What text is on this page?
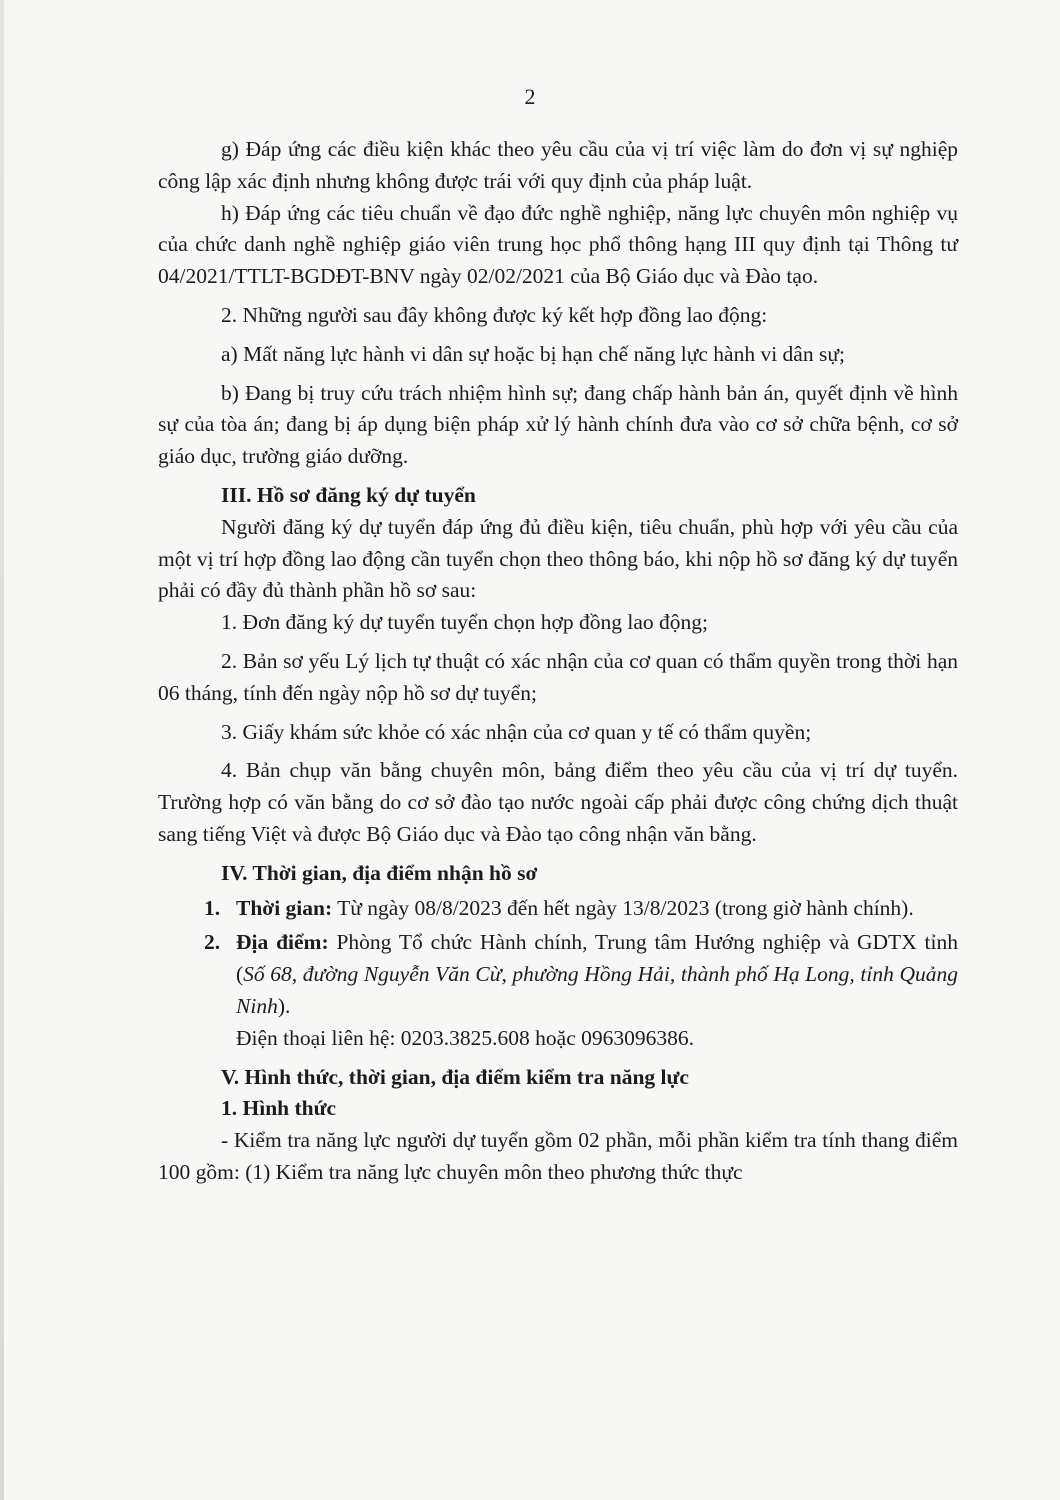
2

g) Đáp ứng các điều kiện khác theo yêu cầu của vị trí việc làm do đơn vị sự nghiệp công lập xác định nhưng không được trái với quy định của pháp luật.

h) Đáp ứng các tiêu chuẩn về đạo đức nghề nghiệp, năng lực chuyên môn nghiệp vụ của chức danh nghề nghiệp giáo viên trung học phổ thông hạng III quy định tại Thông tư 04/2021/TTLT-BGDĐT-BNV ngày 02/02/2021 của Bộ Giáo dục và Đào tạo.

2. Những người sau đây không được ký kết hợp đồng lao động:

a) Mất năng lực hành vi dân sự hoặc bị hạn chế năng lực hành vi dân sự;

b) Đang bị truy cứu trách nhiệm hình sự; đang chấp hành bản án, quyết định về hình sự của tòa án; đang bị áp dụng biện pháp xử lý hành chính đưa vào cơ sở chữa bệnh, cơ sở giáo dục, trường giáo dưỡng.

III. Hồ sơ đăng ký dự tuyển

Người đăng ký dự tuyển đáp ứng đủ điều kiện, tiêu chuẩn, phù hợp với yêu cầu của một vị trí hợp đồng lao động cần tuyển chọn theo thông báo, khi nộp hồ sơ đăng ký dự tuyển phải có đầy đủ thành phần hồ sơ sau:

1. Đơn đăng ký dự tuyển tuyển chọn hợp đồng lao động;

2. Bản sơ yếu Lý lịch tự thuật có xác nhận của cơ quan có thẩm quyền trong thời hạn 06 tháng, tính đến ngày nộp hồ sơ dự tuyển;

3. Giấy khám sức khỏe có xác nhận của cơ quan y tế có thẩm quyền;

4. Bản chụp văn bằng chuyên môn, bảng điểm theo yêu cầu của vị trí dự tuyển. Trường hợp có văn bằng do cơ sở đào tạo nước ngoài cấp phải được công chứng dịch thuật sang tiếng Việt và được Bộ Giáo dục và Đào tạo công nhận văn bằng.

IV. Thời gian, địa điểm nhận hồ sơ

1. Thời gian: Từ ngày 08/8/2023 đến hết ngày 13/8/2023 (trong giờ hành chính).
2. Địa điểm: Phòng Tổ chức Hành chính, Trung tâm Hướng nghiệp và GDTX tỉnh (Số 68, đường Nguyễn Văn Cừ, phường Hồng Hải, thành phố Hạ Long, tỉnh Quảng Ninh).

Điện thoại liên hệ: 0203.3825.608 hoặc 0963096386.

V. Hình thức, thời gian, địa điểm kiểm tra năng lực

1. Hình thức

- Kiểm tra năng lực người dự tuyển gồm 02 phần, mỗi phần kiểm tra tính thang điểm 100 gồm: (1) Kiểm tra năng lực chuyên môn theo phương thức thực
